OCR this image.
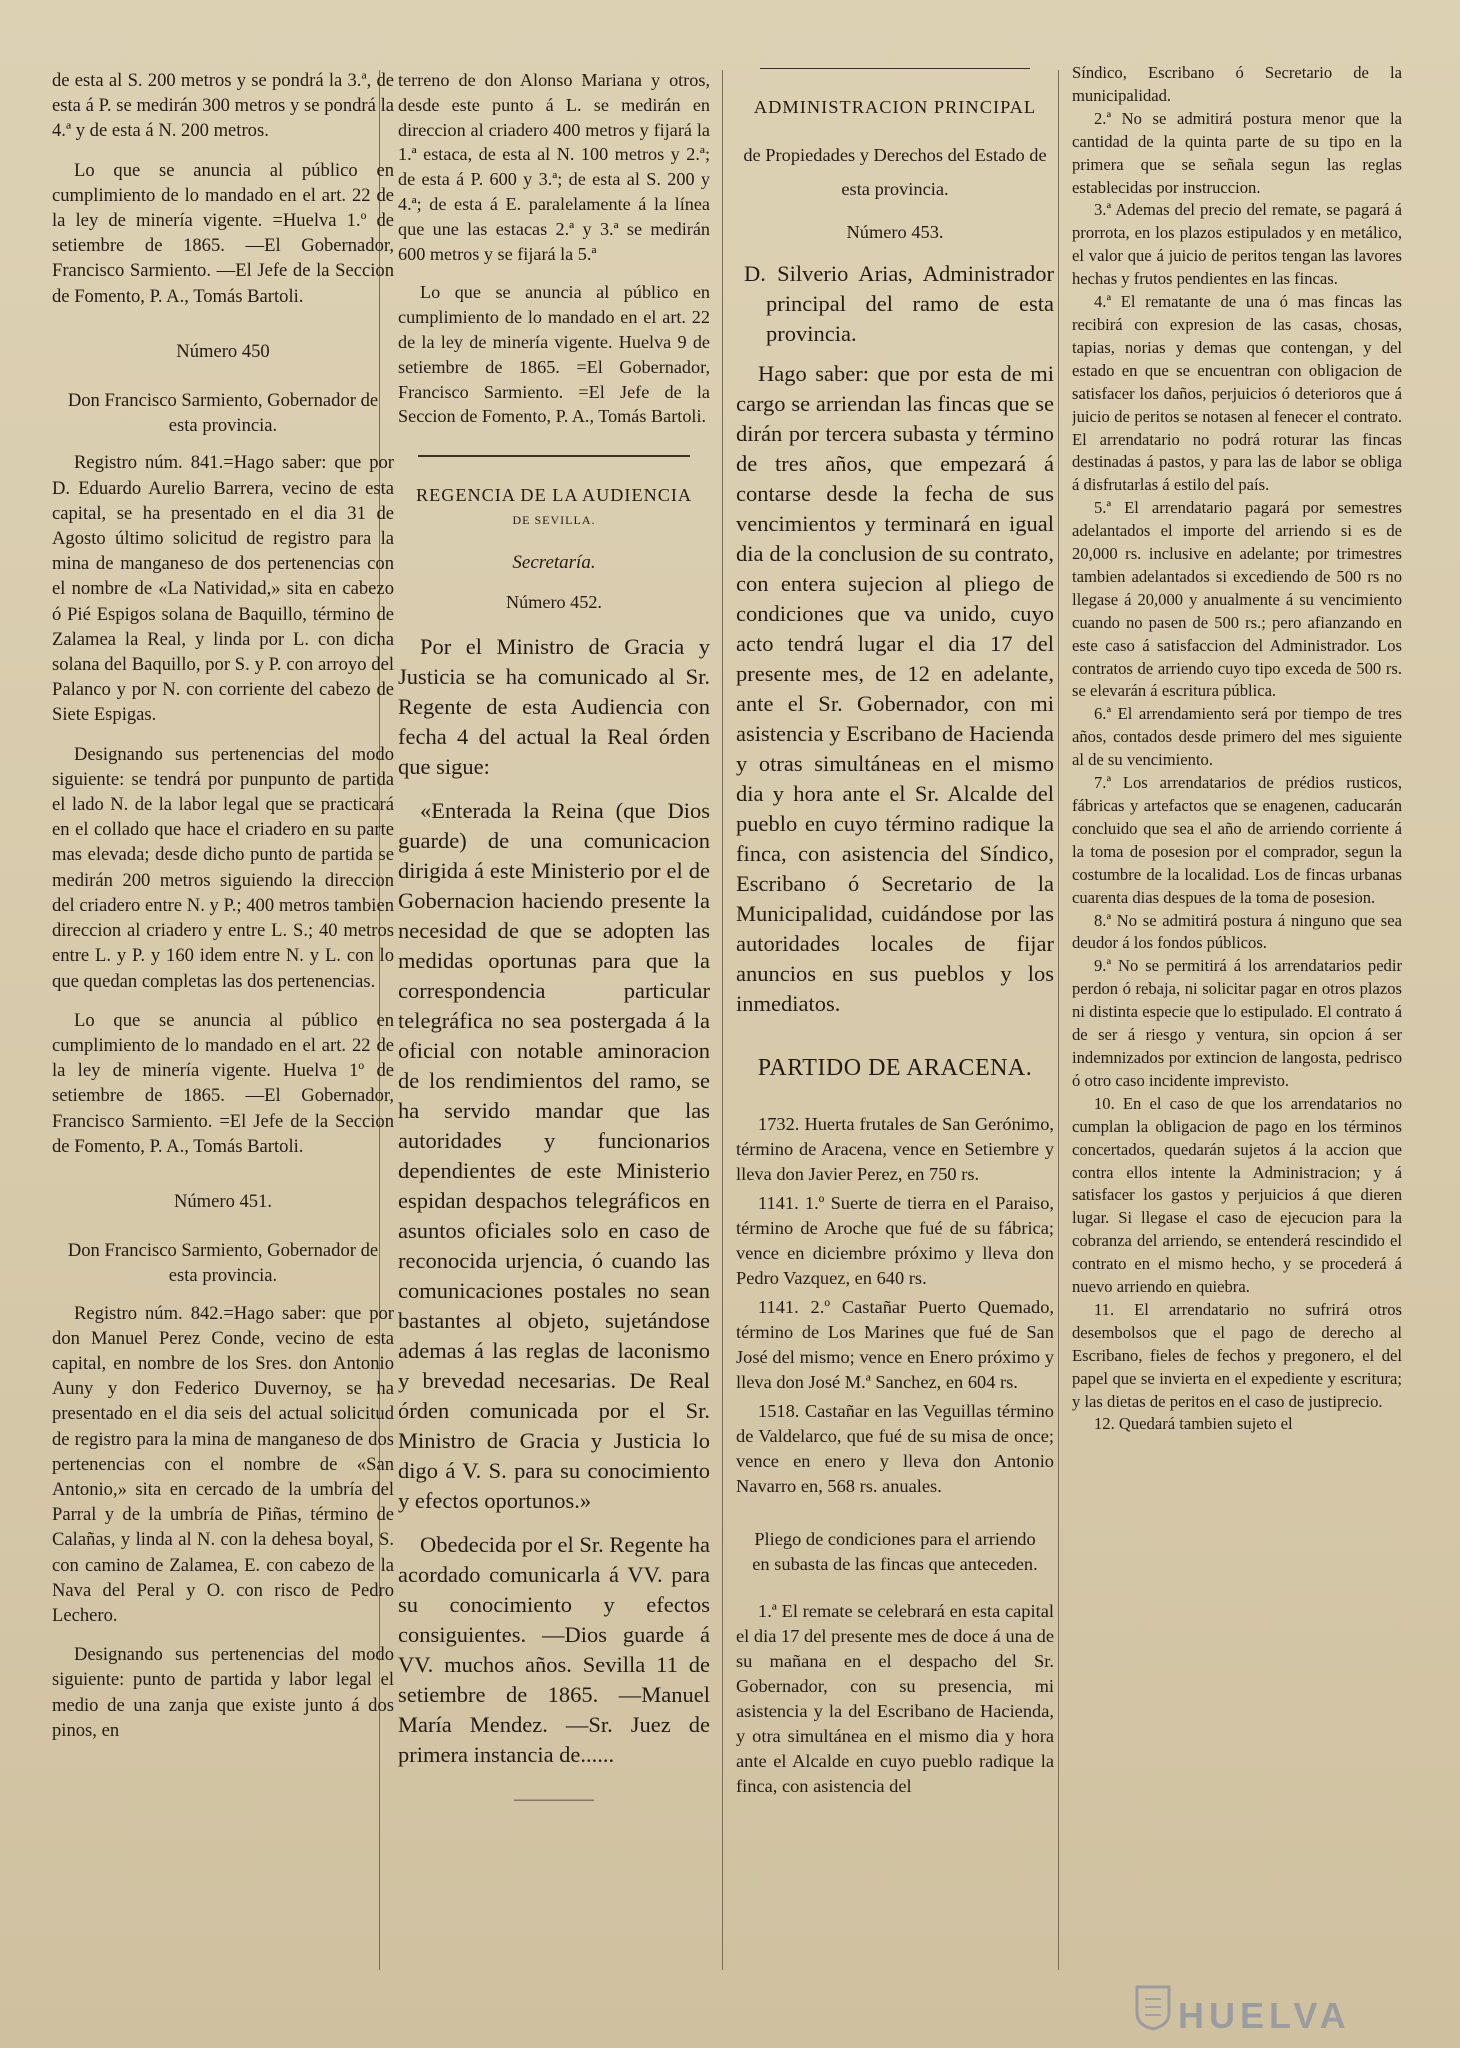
de esta al S. 200 metros y se pondrá la 3.ª, de esta á P. se medirán 300 metros y se pondrá la 4.ª y de esta á N. 200 metros.

Lo que se anuncia al público en cumplimiento de lo mandado en el art. 22 de la ley de minería vigente. =Huelva 1.º de setiembre de 1865. —El Gobernador, Francisco Sarmiento. —El Jefe de la Seccion de Fomento, P. A., Tomás Bartoli.

Número 450

Don Francisco Sarmiento, Gobernador de esta provincia.

Registro núm. 841.=Hago saber: que por D. Eduardo Aurelio Barrera, vecino de esta capital, se ha presentado en el dia 31 de Agosto último solicitud de registro para la mina de manganeso de dos pertenencias con el nombre de «La Natividad,» sita en cabezo ó Pié Espigos solana de Baquillo, término de Zalamea la Real, y linda por L. con dicha solana del Baquillo, por S. y P. con arroyo del Palanco y por N. con corriente del cabezo de Siete Espigas.

Designando sus pertenencias del modo siguiente: se tendrá por punpunto de partida el lado N. de la labor legal que se practicará en el collado que hace el criadero en su parte mas elevada; desde dicho punto de partida se medirán 200 metros siguiendo la direccion del criadero entre N. y P.; 400 metros tambien direccion al criadero y entre L. S.; 40 metros entre L. y P. y 160 idem entre N. y L. con lo que quedan completas las dos pertenencias.

Lo que se anuncia al público en cumplimiento de lo mandado en el art. 22 de la ley de minería vigente. Huelva 1º de setiembre de 1865. —El Gobernador, Francisco Sarmiento. =El Jefe de la Seccion de Fomento, P. A., Tomás Bartoli.

Número 451.

Don Francisco Sarmiento, Gobernador de esta provincia.

Registro núm. 842.=Hago saber: que por don Manuel Perez Conde, vecino de esta capital, en nombre de los Sres. don Antonio Auny y don Federico Duvernoy, se ha presentado en el dia seis del actual solicitud de registro para la mina de manganeso de dos pertenencias con el nombre de «San Antonio,» sita en cercado de la umbría del Parral y de la umbría de Piñas, término de Calañas, y linda al N. con la dehesa boyal, S. con camino de Zalamea, E. con cabezo de la Nava del Peral y O. con risco de Pedro Lechero.

Designando sus pertenencias del modo siguiente: punto de partida y labor legal el medio de una zanja que existe junto á dos pinos, en

terreno de don Alonso Mariana y otros, desde este punto á L. se medirán en direccion al criadero 400 metros y fijará la 1.ª estaca, de esta al N. 100 metros y 2.ª; de esta á P. 600 y 3.ª; de esta al S. 200 y 4.ª; de esta á E. paralelamente á la línea que une las estacas 2.ª y 3.ª se medirán 600 metros y se fijará la 5.ª

Lo que se anuncia al público en cumplimiento de lo mandado en el art. 22 de la ley de minería vigente. Huelva 9 de setiembre de 1865. =El Gobernador, Francisco Sarmiento. =El Jefe de la Seccion de Fomento, P. A., Tomás Bartoli.

REGENCIA DE LA AUDIENCIA
DE SEVILLA.
Secretaría.
Número 452.

Por el Ministro de Gracia y Justicia se ha comunicado al Sr. Regente de esta Audiencia con fecha 4 del actual la Real órden que sigue:

«Enterada la Reina (que Dios guarde) de una comunicacion dirigida á este Ministerio por el de Gobernacion haciendo presente la necesidad de que se adopten las medidas oportunas para que la correspondencia particular telegráfica no sea postergada á la oficial con notable aminoracion de los rendimientos del ramo, se ha servido mandar que las autoridades y funcionarios dependientes de este Ministerio espidan despachos telegráficos en asuntos oficiales solo en caso de reconocida urjencia, ó cuando las comunicaciones postales no sean bastantes al objeto, sujetándose ademas á las reglas de laconismo y brevedad necesarias. De Real órden comunicada por el Sr. Ministro de Gracia y Justicia lo digo á V. S. para su conocimiento y efectos oportunos.»

Obedecida por el Sr. Regente ha acordado comunicarla á VV. para su conocimiento y efectos consiguientes. —Dios guarde á VV. muchos años. Sevilla 11 de setiembre de 1865. —Manuel María Mendez. —Sr. Juez de primera instancia de......

—————
ADMINISTRACION PRINCIPAL
de Propiedades y Derechos del Estado de esta provincia.
Número 453.

D. Silverio Arias, Administrador principal del ramo de esta provincia.

Hago saber: que por esta de mi cargo se arriendan las fincas que se dirán por tercera subasta y término de tres años, que empezará á contarse desde la fecha de sus vencimientos y terminará en igual dia de la conclusion de su contrato, con entera sujecion al pliego de condiciones que va unido, cuyo acto tendrá lugar el dia 17 del presente mes, de 12 en adelante, ante el Sr. Gobernador, con mi asistencia y Escribano de Hacienda y otras simultáneas en el mismo dia y hora ante el Sr. Alcalde del pueblo en cuyo término radique la finca, con asistencia del Síndico, Escribano ó Secretario de la Municipalidad, cuidándose por las autoridades locales de fijar anuncios en sus pueblos y los inmediatos.

PARTIDO DE ARACENA.

1732. Huerta frutales de San Gerónimo, término de Aracena, vence en Setiembre y lleva don Javier Perez, en 750 rs.

1141. 1.º Suerte de tierra en el Paraiso, término de Aroche que fué de su fábrica; vence en diciembre próximo y lleva don Pedro Vazquez, en 640 rs.

1141. 2.º Castañar Puerto Quemado, término de Los Marines que fué de San José del mismo; vence en Enero próximo y lleva don José M.ª Sanchez, en 604 rs.

1518. Castañar en las Veguillas término de Valdelarco, que fué de su misa de once; vence en enero y lleva don Antonio Navarro en, 568 rs. anuales.

Pliego de condiciones para el arriendo en subasta de las fincas que anteceden.

1.ª El remate se celebrará en esta capital el dia 17 del presente mes de doce á una de su mañana en el despacho del Sr. Gobernador, con su presencia, mi asistencia y la del Escribano de Hacienda, y otra simultánea en el mismo dia y hora ante el Alcalde en cuyo pueblo radique la finca, con asistencia del

Síndico, Escribano ó Secretario de la municipalidad.

2.ª No se admitirá postura menor que la cantidad de la quinta parte de su tipo en la primera que se señala segun las reglas establecidas por instruccion.

3.ª Ademas del precio del remate, se pagará á prorrota, en los plazos estipulados y en metálico, el valor que á juicio de peritos tengan las lavores hechas y frutos pendientes en las fincas.

4.ª El rematante de una ó mas fincas las recibirá con expresion de las casas, chosas, tapias, norias y demas que contengan, y del estado en que se encuentran con obligacion de satisfacer los daños, perjuicios ó deterioros que á juicio de peritos se notasen al fenecer el contrato. El arrendatario no podrá roturar las fincas destinadas á pastos, y para las de labor se obliga á disfrutarlas á estilo del país.

5.ª El arrendatario pagará por semestres adelantados el importe del arriendo si es de 20,000 rs. inclusive en adelante; por trimestres tambien adelantados si excediendo de 500 rs no llegase á 20,000 y anualmente á su vencimiento cuando no pasen de 500 rs.; pero afianzando en este caso á satisfaccion del Administrador. Los contratos de arriendo cuyo tipo exceda de 500 rs. se elevarán á escritura pública.

6.ª El arrendamiento será por tiempo de tres años, contados desde primero del mes siguiente al de su vencimiento.

7.ª Los arrendatarios de prédios rusticos, fábricas y artefactos que se enagenen, caducarán concluido que sea el año de arriendo corriente á la toma de posesion por el comprador, segun la costumbre de la localidad. Los de fincas urbanas cuarenta dias despues de la toma de posesion.

8.ª No se admitirá postura á ninguno que sea deudor á los fondos públicos.

9.ª No se permitirá á los arrendatarios pedir perdon ó rebaja, ni solicitar pagar en otros plazos ni distinta especie que lo estipulado. El contrato á de ser á riesgo y ventura, sin opcion á ser indemnizados por extincion de langosta, pedrisco ó otro caso incidente imprevisto.

10. En el caso de que los arrendatarios no cumplan la obligacion de pago en los términos concertados, quedarán sujetos á la accion que contra ellos intente la Administracion; y á satisfacer los gastos y perjuicios á que dieren lugar. Si llegase el caso de ejecucion para la cobranza del arriendo, se entenderá rescindido el contrato en el mismo hecho, y se procederá á nuevo arriendo en quiebra.

11. El arrendatario no sufrirá otros desembolsos que el pago de derecho al Escribano, fieles de fechos y pregonero, el del papel que se invierta en el expediente y escritura; y las dietas de peritos en el caso de justiprecio.

12. Quedará tambien sujeto el

HUELVA
